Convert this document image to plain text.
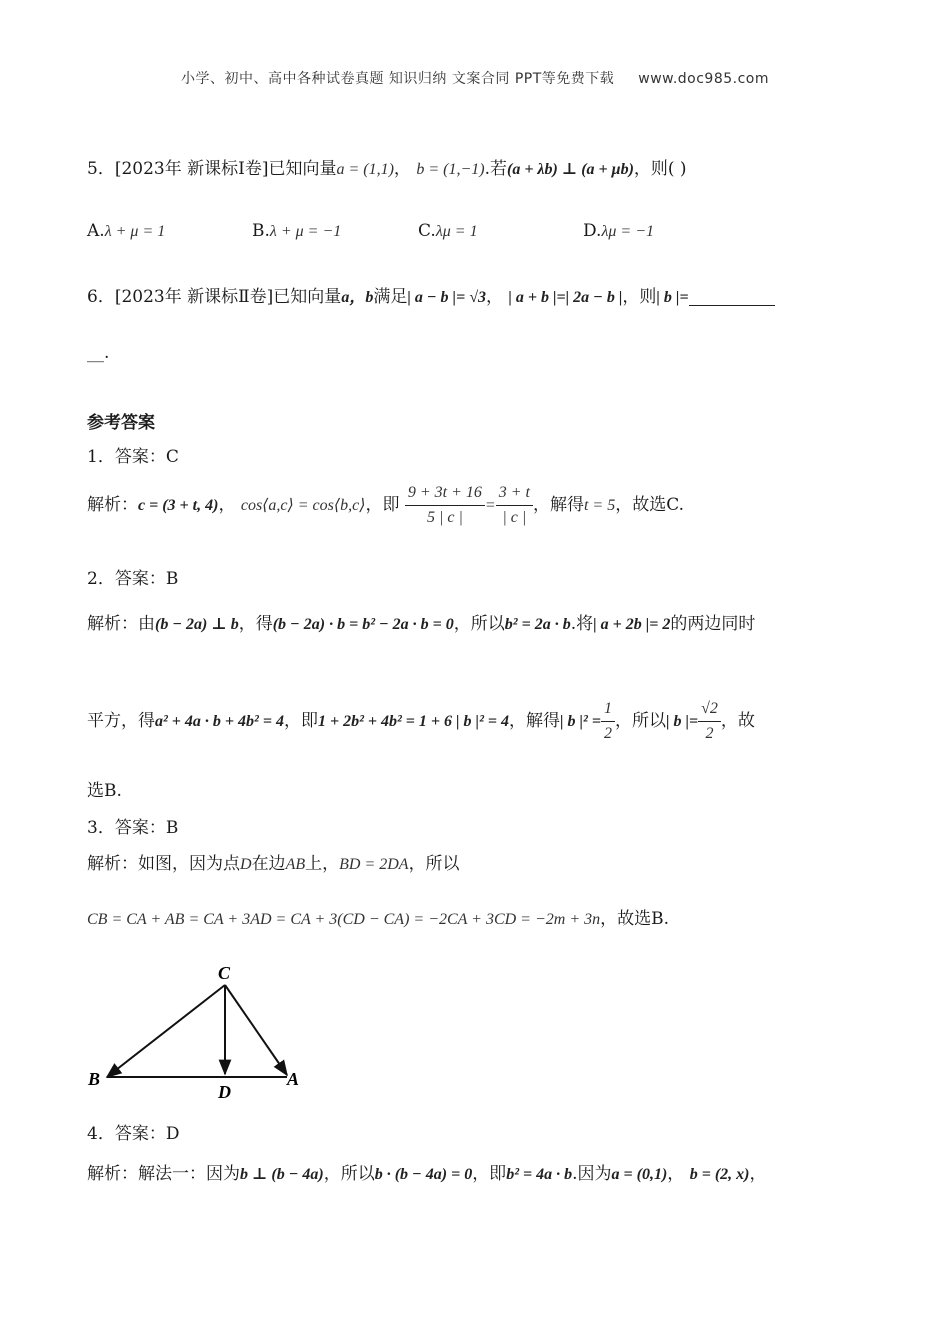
小学、初中、高中各种试卷真题 知识归纳 文案合同 PPT等免费下载 www.doc985.com
5．[2023年 新课标Ⅰ卷]已知向量a = (1,1)， b = (1,−1).若(a + λb) ⊥ (a + μb)，则( )
A.λ + μ = 1	B.λ + μ = −1	C.λμ = 1	D.λμ = −1
6．[2023年 新课标Ⅱ卷]已知向量a，b满足| a − b |= √3， | a + b |=| 2a − b |，则| b |=
__.
参考答案
1．答案：C
解析：c = (3 + t, 4)， cos⟨a,c⟩ = cos⟨b,c⟩，即 $\frac{9 + 3t + 16}{5 | c |} = \frac{3 + t}{| c |}$ ，解得t = 5，故选C.
2．答案：B
解析：由(b − 2a) ⊥ b，得(b − 2a) · b = b² − 2a · b = 0，所以b² = 2a · b.将| a + 2b |= 2的两边同时
平方，得a² + 4a · b + 4b² = 4，即1 + 2b² + 4b² = 1 + 6 | b |² = 4，解得| b $|^2 = \frac{1}{2}$ ，所以| b |= $\frac{√2}{2}$ ，故
选B.
3．答案：B
解析：如图，因为点D在边AB上，BD = 2DA，所以
CB = CA + AB = CA + 3AD = CA + 3(CD − CA) = −2CA + 3CD = −2m + 3n，故选B.
C
B
D
A
4．答案：D
解析：解法一：因为b ⊥ (b − 4a)，所以b · (b − 4a) = 0，即b² = 4a · b.因为a = (0,1)， b = (2, x)，
